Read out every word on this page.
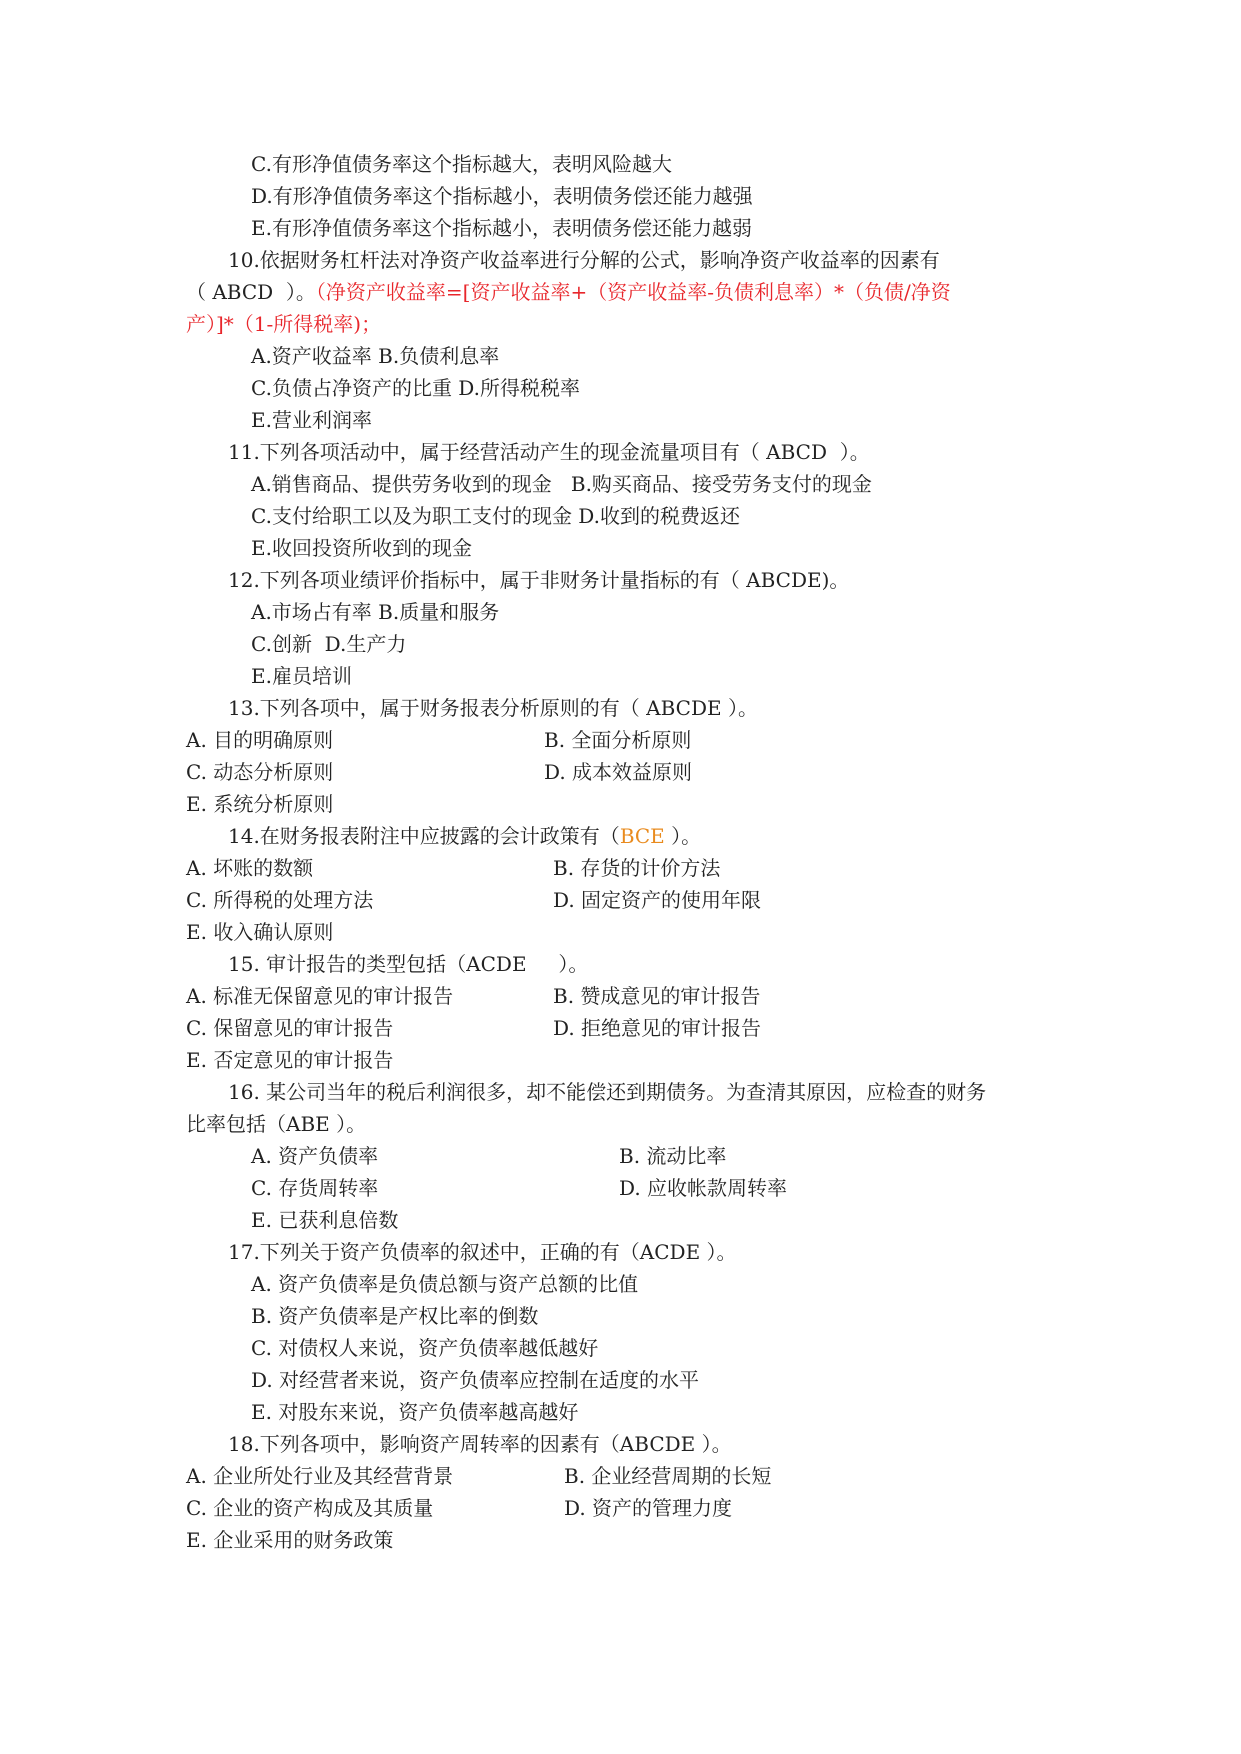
C.有形净值债务率这个指标越大，表明风险越大
D.有形净值债务率这个指标越小，表明债务偿还能力越强
E.有形净值债务率这个指标越小，表明债务偿还能力越弱
10.依据财务杠杆法对净资产收益率进行分解的公式，影响净资产收益率的因素有
（ ABCD  ）。（净资产收益率=[资产收益率+（资产收益率-负债利息率）*（负债/净资
产）]*（1-所得税率)；
A.资产收益率 B.负债利息率
C.负债占净资产的比重 D.所得税税率
E.营业利润率
11.下列各项活动中，属于经营活动产生的现金流量项目有（ ABCD  ）。
A.销售商品、提供劳务收到的现金   B.购买商品、接受劳务支付的现金
C.支付给职工以及为职工支付的现金 D.收到的税费返还
E.收回投资所收到的现金
12.下列各项业绩评价指标中，属于非财务计量指标的有（ ABCDE)。
A.市场占有率 B.质量和服务
C.创新  D.生产力
E.雇员培训
13.下列各项中，属于财务报表分析原则的有（ ABCDE ）。
A. 目的明确原则	B. 全面分析原则
C. 动态分析原则	D. 成本效益原则
E. 系统分析原则
14.在财务报表附注中应披露的会计政策有（BCE ）。
A. 坏账的数额	B. 存货的计价方法
C. 所得税的处理方法	D. 固定资产的使用年限
E. 收入确认原则
15. 审计报告的类型包括（ACDE     ）。
A. 标准无保留意见的审计报告	B. 赞成意见的审计报告
C. 保留意见的审计报告	D. 拒绝意见的审计报告
E. 否定意见的审计报告
16. 某公司当年的税后利润很多，却不能偿还到期债务。为查清其原因，应检查的财务
比率包括（ABE ）。
A. 资产负债率	B. 流动比率
C. 存货周转率	D. 应收帐款周转率
E. 已获利息倍数
17.下列关于资产负债率的叙述中，正确的有（ACDE ）。
A. 资产负债率是负债总额与资产总额的比值
B. 资产负债率是产权比率的倒数
C. 对债权人来说，资产负债率越低越好
D. 对经营者来说，资产负债率应控制在适度的水平
E. 对股东来说，资产负债率越高越好
18.下列各项中，影响资产周转率的因素有（ABCDE ）。
A. 企业所处行业及其经营背景	B. 企业经营周期的长短
C. 企业的资产构成及其质量	D. 资产的管理力度
E. 企业采用的财务政策
